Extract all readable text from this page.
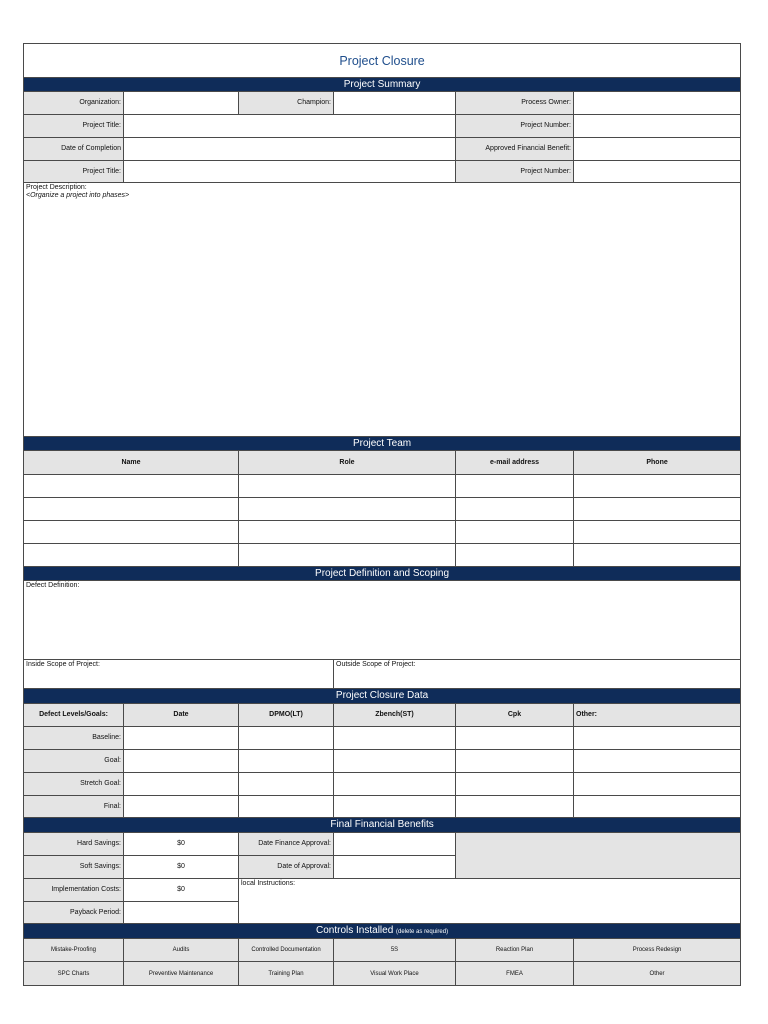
Project Closure					
Project Summary					
Organization:		Champion:		Process Owner:	
Project Title:				Project Number:	
Date of Completion				Approved Financial Benefit:	
Project Title:				Project Number:	

Project Description:
<Organize a project into phases>					

Project Team					
Name		Role		e-mail address	Phone

Project Definition and Scoping					

Defect Definition:					

Inside Scope of Project:			Outside Scope of Project:		

Project Closure Data					
Defect Levels/Goals:	Date	DPMO(LT)	Zbench(ST)	Cpk	Other:
Baseline:					
Goal:					
Stretch Goal:					
Final:					
Final Financial Benefits					
Hard Savings:	$0	Date Finance Approval:			
Soft Savings:	$0	Date of Approval:			
Implementation Costs:	$0	local Instructions:			

Payback Period:					
Controls Installed (delete as required)					
Mistake-Proofing	Audits	Controlled Documentation	5S	Reaction Plan	Process Redesign
SPC Charts	Preventive Maintenance	Training Plan	Visual Work Place	FMEA	Other
